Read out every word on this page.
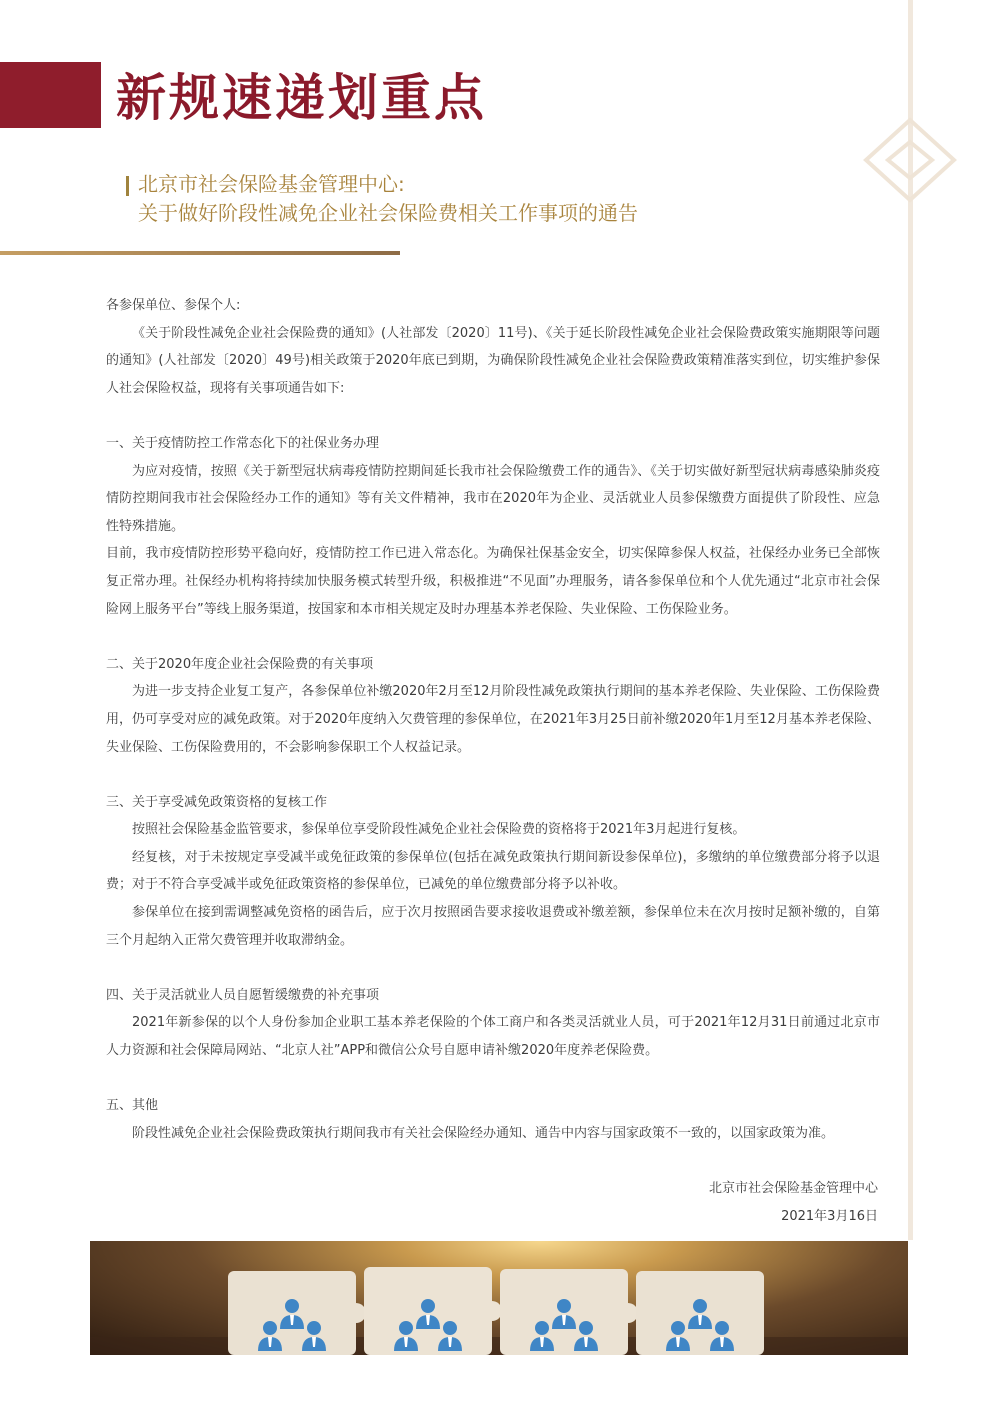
新规速递划重点
北京市社会保险基金管理中心:
关于做好阶段性减免企业社会保险费相关工作事项的通告

各参保单位、参保个人:

《关于阶段性减免企业社会保险费的通知》(人社部发〔2020〕11号)、《关于延长阶段性减免企业社会保险费政策实施期限等问题的通知》(人社部发〔2020〕49号)相关政策于2020年底已到期，为确保阶段性减免企业社会保险费政策精准落实到位，切实维护参保人社会保险权益，现将有关事项通告如下:

一、关于疫情防控工作常态化下的社保业务办理

为应对疫情，按照《关于新型冠状病毒疫情防控期间延长我市社会保险缴费工作的通告》、《关于切实做好新型冠状病毒感染肺炎疫情防控期间我市社会保险经办工作的通知》等有关文件精神，我市在2020年为企业、灵活就业人员参保缴费方面提供了阶段性、应急性特殊措施。

目前，我市疫情防控形势平稳向好，疫情防控工作已进入常态化。为确保社保基金安全，切实保障参保人权益，社保经办业务已全部恢复正常办理。社保经办机构将持续加快服务模式转型升级，积极推进“不见面”办理服务，请各参保单位和个人优先通过“北京市社会保险网上服务平台”等线上服务渠道，按国家和本市相关规定及时办理基本养老保险、失业保险、工伤保险业务。

二、关于2020年度企业社会保险费的有关事项

为进一步支持企业复工复产，各参保单位补缴2020年2月至12月阶段性减免政策执行期间的基本养老保险、失业保险、工伤保险费用，仍可享受对应的减免政策。对于2020年度纳入欠费管理的参保单位，在2021年3月25日前补缴2020年1月至12月基本养老保险、失业保险、工伤保险费用的，不会影响参保职工个人权益记录。

三、关于享受减免政策资格的复核工作

按照社会保险基金监管要求，参保单位享受阶段性减免企业社会保险费的资格将于2021年3月起进行复核。

经复核，对于未按规定享受减半或免征政策的参保单位(包括在减免政策执行期间新设参保单位)，多缴纳的单位缴费部分将予以退费；对于不符合享受减半或免征政策资格的参保单位，已减免的单位缴费部分将予以补收。

参保单位在接到需调整减免资格的函告后，应于次月按照函告要求接收退费或补缴差额，参保单位未在次月按时足额补缴的，自第三个月起纳入正常欠费管理并收取滞纳金。

四、关于灵活就业人员自愿暂缓缴费的补充事项

2021年新参保的以个人身份参加企业职工基本养老保险的个体工商户和各类灵活就业人员，可于2021年12月31日前通过北京市人力资源和社会保障局网站、“北京人社”APP和微信公众号自愿申请补缴2020年度养老保险费。

五、其他

阶段性减免企业社会保险费政策执行期间我市有关社会保险经办通知、通告中内容与国家政策不一致的，以国家政策为准。

北京市社会保险基金管理中心
2021年3月16日
